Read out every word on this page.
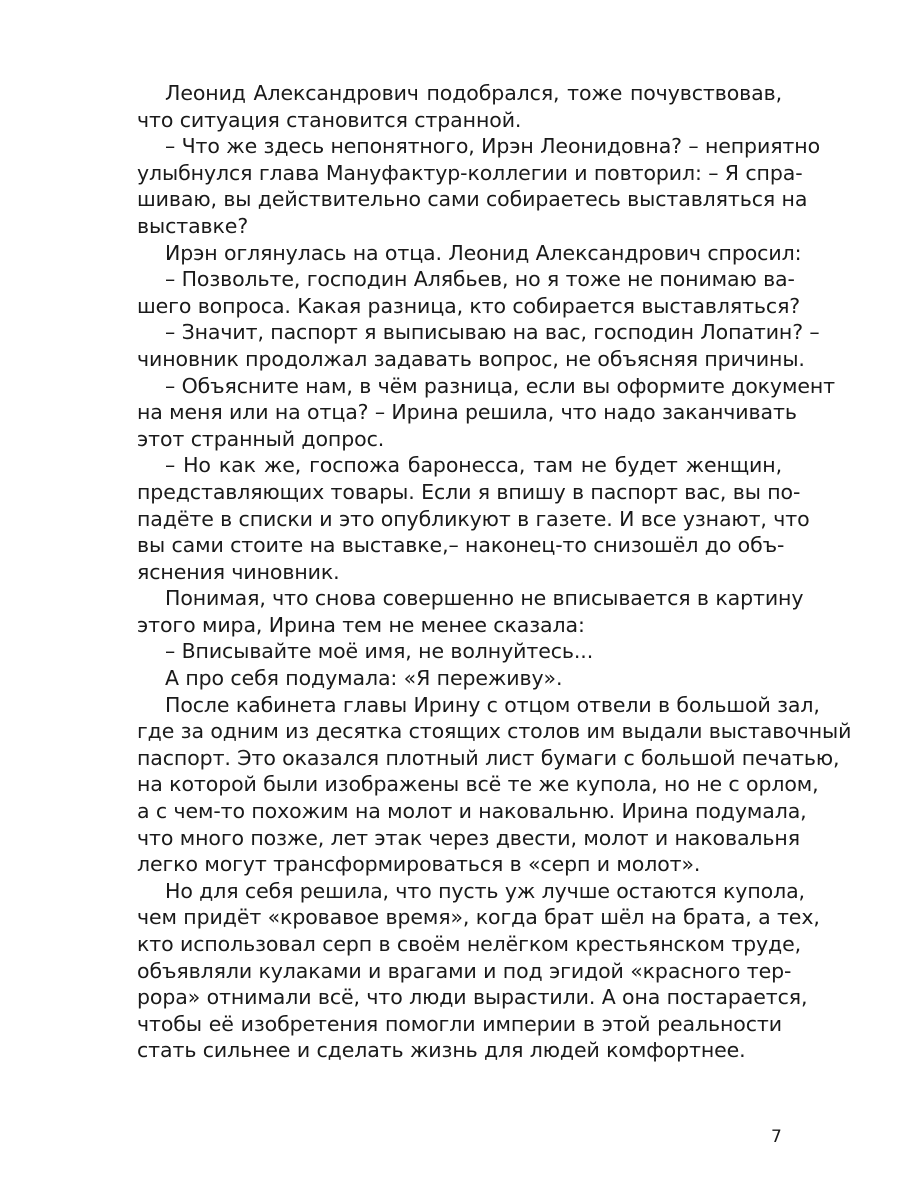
Леонид Александрович подобрался, тоже почувствовав,
что ситуация становится странной.
– Что же здесь непонятного, Ирэн Леонидовна? – неприятно
улыбнулся глава Мануфактур-коллегии и повторил: – Я спра-
шиваю, вы действительно сами собираетесь выставляться на
выставке?
Ирэн оглянулась на отца. Леонид Александрович спросил:
– Позвольте, господин Алябьев, но я тоже не понимаю ва-
шего вопроса. Какая разница, кто собирается выставляться?
– Значит, паспорт я выписываю на вас, господин Лопатин? –
чиновник продолжал задавать вопрос, не объясняя причины.
– Объясните нам, в чём разница, если вы оформите документ
на меня или на отца? – Ирина решила, что надо заканчивать
этот странный допрос.
– Но как же, госпожа баронесса, там не будет женщин,
представляющих товары. Если я впишу в паспорт вас, вы по-
падёте в списки и это опубликуют в газете. И все узнают, что
вы сами стоите на выставке,– наконец-то снизошёл до объ-
яснения чиновник.
Понимая, что снова совершенно не вписывается в картину
этого мира, Ирина тем не менее сказала:
– Вписывайте моё имя, не волнуйтесь...
А про себя подумала: «Я переживу».
После кабинета главы Ирину с отцом отвели в большой зал,
где за одним из десятка стоящих столов им выдали выставочный
паспорт. Это оказался плотный лист бумаги с большой печатью,
на которой были изображены всё те же купола, но не с орлом,
а с чем-то похожим на молот и наковальню. Ирина подумала,
что много позже, лет этак через двести, молот и наковальня
легко могут трансформироваться в «серп и молот».
Но для себя решила, что пусть уж лучше остаются купола,
чем придёт «кровавое время», когда брат шёл на брата, а тех,
кто использовал серп в своём нелёгком крестьянском труде,
объявляли кулаками и врагами и под эгидой «красного тер-
рора» отнимали всё, что люди вырастили. А она постарается,
чтобы её изобретения помогли империи в этой реальности
стать сильнее и сделать жизнь для людей комфортнее.
7
